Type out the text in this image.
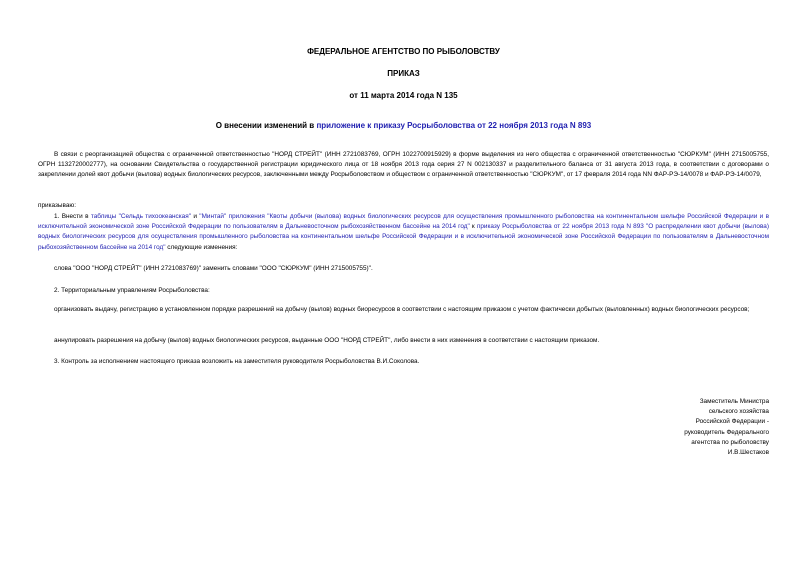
ФЕДЕРАЛЬНОЕ АГЕНТСТВО ПО РЫБОЛОВСТВУ
ПРИКАЗ
от 11 марта 2014 года N 135
О внесении изменений в приложение к приказу Росрыболовства от 22 ноября 2013 года N 893

В связи с реорганизацией общества с ограниченной ответственностью "НОРД СТРЕЙТ" (ИНН 2721083769, ОГРН 1022700915929) в форме выделения из него общества с ограниченной ответственностью "СЮРКУМ" (ИНН 2715005755, ОГРН 1132720002777), на основании Свидетельства о государственной регистрации юридического лица от 18 ноября 2013 года серия 27 N 002130337 и разделительного баланса от 31 августа 2013 года, в соответствии с договорами о закреплении долей квот добычи (вылова) водных биологических ресурсов, заключенными между Росрыболовством и обществом с ограниченной ответственностью "СЮРКУМ", от 17 февраля 2014 года NN ФАР-РЭ-14/0078 и ФАР-РЭ-14/0079,

приказываю:

1. Внести в таблицы "Сельдь тихоокеанская" и "Минтай" приложения "Квоты добычи (вылова) водных биологических ресурсов для осуществления промышленного рыболовства на континентальном шельфе Российской Федерации и в исключительной экономической зоне Российской Федерации по пользователям в Дальневосточном рыбохозяйственном бассейне на 2014 год" к приказу Росрыболовства от 22 ноября 2013 года N 893 "О распределении квот добычи (вылова) водных биологических ресурсов для осуществления промышленного рыболовства на континентальном шельфе Российской Федерации и в исключительной экономической зоне Российской Федерации по пользователям в Дальневосточном рыбохозяйственном бассейне на 2014 год" следующие изменения:

слова "ООО "НОРД СТРЕЙТ" (ИНН 2721083769)" заменить словами "ООО "СЮРКУМ" (ИНН 2715005755)".

2. Территориальным управлениям Росрыболовства:

организовать выдачу, регистрацию в установленном порядке разрешений на добычу (вылов) водных биоресурсов в соответствии с настоящим приказом с учетом фактически добытых (выловленных) водных биологических ресурсов;

аннулировать разрешения на добычу (вылов) водных биологических ресурсов, выданные ООО "НОРД СТРЕЙТ", либо внести в них изменения в соответствии с настоящим приказом.

3. Контроль за исполнением настоящего приказа возложить на заместителя руководителя Росрыболовства В.И.Соколова.

Заместитель Министра
сельского хозяйства
Российской Федерации -
руководитель Федерального
агентства по рыболовству
И.В.Шестаков
